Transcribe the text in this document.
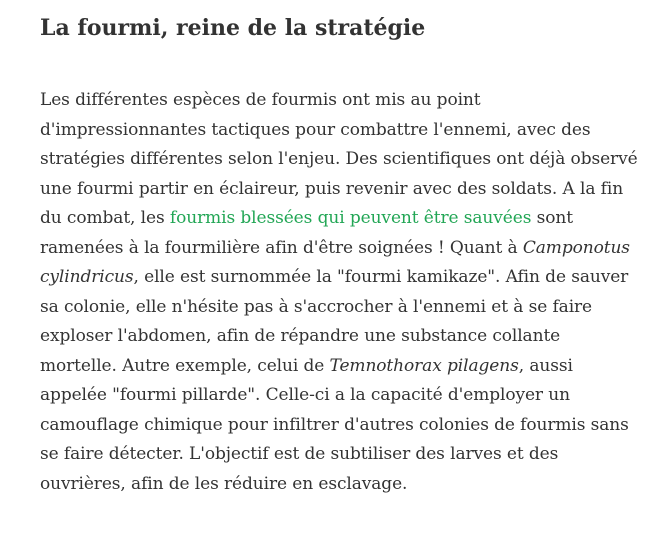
La fourmi, reine de la stratégie

Les différentes espèces de fourmis ont mis au point d'impressionnantes tactiques pour combattre l'ennemi, avec des stratégies différentes selon l'enjeu. Des scientifiques ont déjà observé une fourmi partir en éclaireur, puis revenir avec des soldats. A la fin du combat, les fourmis blessées qui peuvent être sauvées sont ramenées à la fourmilière afin d'être soignées ! Quant à Camponotus cylindricus, elle est surnommée la "fourmi kamikaze". Afin de sauver sa colonie, elle n'hésite pas à s'accrocher à l'ennemi et à se faire exploser l'abdomen, afin de répandre une substance collante mortelle. Autre exemple, celui de Temnothorax pilagens, aussi appelée "fourmi pillarde". Celle-ci a la capacité d'employer un camouflage chimique pour infiltrer d'autres colonies de fourmis sans se faire détecter. L'objectif est de subtiliser des larves et des ouvrières, afin de les réduire en esclavage.
